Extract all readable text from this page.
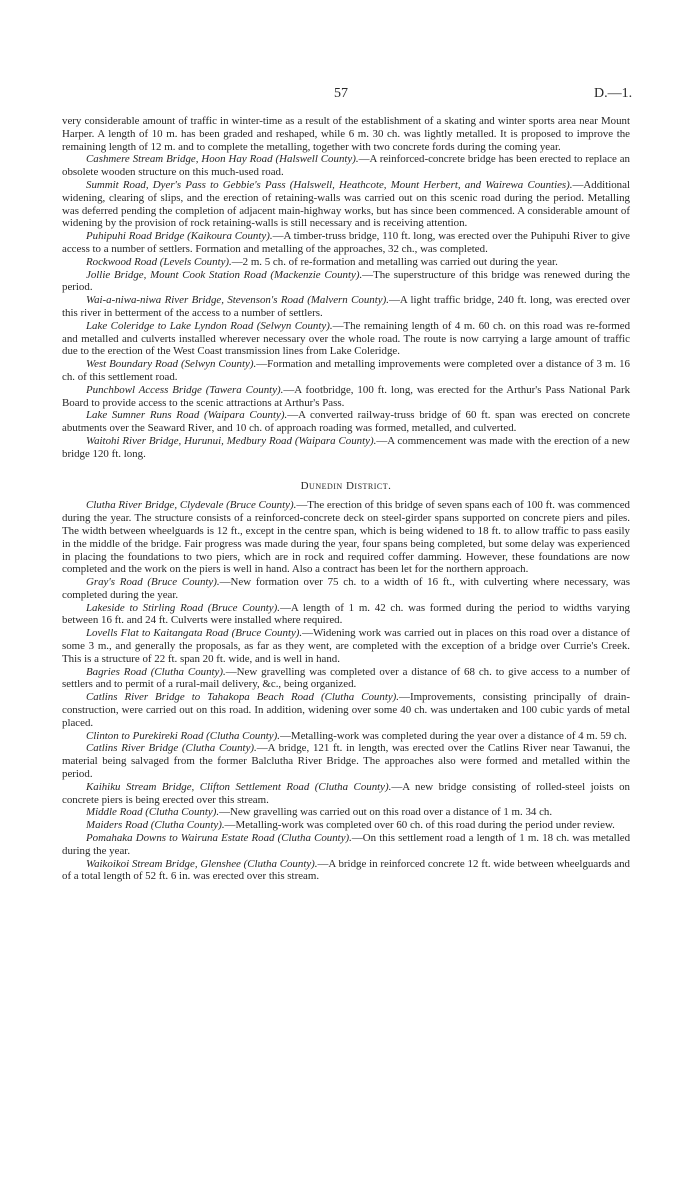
57	D.—1.

very considerable amount of traffic in winter-time as a result of the establishment of a skating and winter sports area near Mount Harper. A length of 10 m. has been graded and reshaped, while 6 m. 30 ch. was lightly metalled. It is proposed to improve the remaining length of 12 m. and to complete the metalling, together with two concrete fords during the coming year.

Cashmere Stream Bridge, Hoon Hay Road (Halswell County).—A reinforced-concrete bridge has been erected to replace an obsolete wooden structure on this much-used road.

Summit Road, Dyer's Pass to Gebbie's Pass (Halswell, Heathcote, Mount Herbert, and Wairewa Counties).—Additional widening, clearing of slips, and the erection of retaining-walls was carried out on this scenic road during the period. Metalling was deferred pending the completion of adjacent main-highway works, but has since been commenced. A considerable amount of widening by the provision of rock retaining-walls is still necessary and is receiving attention.

Puhipuhi Road Bridge (Kaikoura County).—A timber-truss bridge, 110 ft. long, was erected over the Puhipuhi River to give access to a number of settlers. Formation and metalling of the approaches, 32 ch., was completed.

Rockwood Road (Levels County).—2 m. 5 ch. of re-formation and metalling was carried out during the year.

Jollie Bridge, Mount Cook Station Road (Mackenzie County).—The superstructure of this bridge was renewed during the period.

Wai-a-niwa-niwa River Bridge, Stevenson's Road (Malvern County).—A light traffic bridge, 240 ft. long, was erected over this river in betterment of the access to a number of settlers.

Lake Coleridge to Lake Lyndon Road (Selwyn County).—The remaining length of 4 m. 60 ch. on this road was re-formed and metalled and culverts installed wherever necessary over the whole road. The route is now carrying a large amount of traffic due to the erection of the West Coast transmission lines from Lake Coleridge.

West Boundary Road (Selwyn County).—Formation and metalling improvements were completed over a distance of 3 m. 16 ch. of this settlement road.

Punchbowl Access Bridge (Tawera County).—A footbridge, 100 ft. long, was erected for the Arthur's Pass National Park Board to provide access to the scenic attractions at Arthur's Pass.

Lake Sumner Runs Road (Waipara County).—A converted railway-truss bridge of 60 ft. span was erected on concrete abutments over the Seaward River, and 10 ch. of approach roading was formed, metalled, and culverted.

Waitohi River Bridge, Hurunui, Medbury Road (Waipara County).—A commencement was made with the erection of a new bridge 120 ft. long.

Dunedin District.

Clutha River Bridge, Clydevale (Bruce County).—The erection of this bridge of seven spans each of 100 ft. was commenced during the year. The structure consists of a reinforced-concrete deck on steel-girder spans supported on concrete piers and piles. The width between wheelguards is 12 ft., except in the centre span, which is being widened to 18 ft. to allow traffic to pass easily in the middle of the bridge. Fair progress was made during the year, four spans being completed, but some delay was experienced in placing the foundations to two piers, which are in rock and required coffer damming. However, these foundations are now completed and the work on the piers is well in hand. Also a contract has been let for the northern approach.

Gray's Road (Bruce County).—New formation over 75 ch. to a width of 16 ft., with culverting where necessary, was completed during the year.

Lakeside to Stirling Road (Bruce County).—A length of 1 m. 42 ch. was formed during the period to widths varying between 16 ft. and 24 ft. Culverts were installed where required.

Lovells Flat to Kaitangata Road (Bruce County).—Widening work was carried out in places on this road over a distance of some 3 m., and generally the proposals, as far as they went, are completed with the exception of a bridge over Currie's Creek. This is a structure of 22 ft. span 20 ft. wide, and is well in hand.

Bagries Road (Clutha County).—New gravelling was completed over a distance of 68 ch. to give access to a number of settlers and to permit of a rural-mail delivery, &c., being organized.

Catlins River Bridge to Tahakopa Beach Road (Clutha County).—Improvements, consisting principally of drain-construction, were carried out on this road. In addition, widening over some 40 ch. was undertaken and 100 cubic yards of metal placed.

Clinton to Purekireki Road (Clutha County).—Metalling-work was completed during the year over a distance of 4 m. 59 ch.

Catlins River Bridge (Clutha County).—A bridge, 121 ft. in length, was erected over the Catlins River near Tawanui, the material being salvaged from the former Balclutha River Bridge. The approaches also were formed and metalled within the period.

Kaihiku Stream Bridge, Clifton Settlement Road (Clutha County).—A new bridge consisting of rolled-steel joists on concrete piers is being erected over this stream.

Middle Road (Clutha County).—New gravelling was carried out on this road over a distance of 1 m. 34 ch.

Maiders Road (Clutha County).—Metalling-work was completed over 60 ch. of this road during the period under review.

Pomahaka Downs to Wairuna Estate Road (Clutha County).—On this settlement road a length of 1 m. 18 ch. was metalled during the year.

Waikoikoi Stream Bridge, Glenshee (Clutha County).—A bridge in reinforced concrete 12 ft. wide between wheelguards and of a total length of 52 ft. 6 in. was erected over this stream.
